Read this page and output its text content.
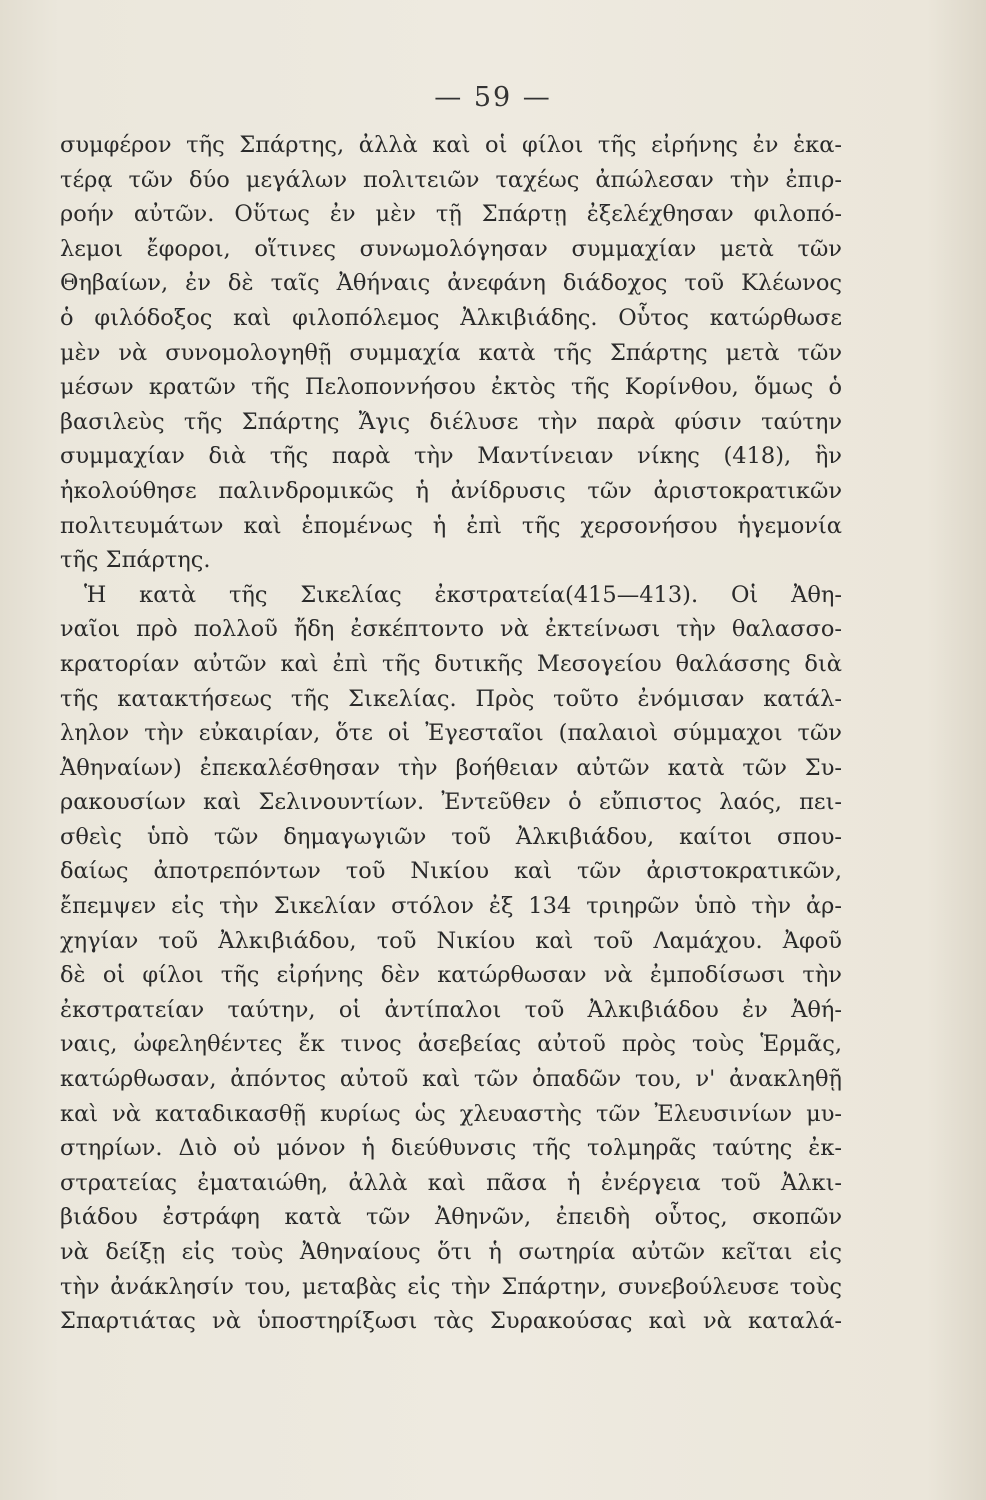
— 59 —
συμφέρον τῆς Σπάρτης, ἀλλὰ καὶ οἱ φίλοι τῆς εἰρήνης ἐν ἑκα-
τέρᾳ τῶν δύο μεγάλων πολιτειῶν ταχέως ἀπώλεσαν τὴν ἐπιρ-
ροήν αὐτῶν. Οὕτως ἐν μὲν τῇ Σπάρτῃ ἐξελέχθησαν φιλοπό-
λεμοι ἔφοροι, οἵτινες συνωμολόγησαν συμμαχίαν μετὰ τῶν
Θηβαίων, ἐν δὲ ταῖς Ἀθήναις ἀνεφάνη διάδοχος τοῦ Κλέωνος
ὁ φιλόδοξος καὶ φιλοπόλεμος Ἀλκιβιάδης. Οὗτος κατώρθωσε
μὲν νὰ συνομολογηθῇ συμμαχία κατὰ τῆς Σπάρτης μετὰ τῶν
μέσων κρατῶν τῆς Πελοποννήσου ἐκτὸς τῆς Κορίνθου, ὅμως ὁ
βασιλεὺς τῆς Σπάρτης Ἄγις διέλυσε τὴν παρὰ φύσιν ταύτην
συμμαχίαν διὰ τῆς παρὰ τὴν Μαντίνειαν νίκης (418), ἣν
ἠκολούθησε παλινδρομικῶς ἡ ἀνίδρυσις τῶν ἀριστοκρατικῶν
πολιτευμάτων καὶ ἑπομένως ἡ ἐπὶ τῆς χερσονήσου ἡγεμονία
τῆς Σπάρτης.
Ἡ κατὰ τῆς Σικελίας ἐκστρατεία(415—413). Οἱ Ἀθη-
ναῖοι πρὸ πολλοῦ ἤδη ἐσκέπτοντο νὰ ἐκτείνωσι τὴν θαλασσο-
κρατορίαν αὐτῶν καὶ ἐπὶ τῆς δυτικῆς Μεσογείου θαλάσσης διὰ
τῆς κατακτήσεως τῆς Σικελίας. Πρὸς τοῦτο ἐνόμισαν κατάλ-
ληλον τὴν εὐκαιρίαν, ὅτε οἱ Ἐγεσταῖοι (παλαιοὶ σύμμαχοι τῶν
Ἀθηναίων) ἐπεκαλέσθησαν τὴν βοήθειαν αὐτῶν κατὰ τῶν Συ-
ρακουσίων καὶ Σελινουντίων. Ἐντεῦθεν ὁ εὔπιστος λαός, πει-
σθεὶς ὑπὸ τῶν δημαγωγιῶν τοῦ Ἀλκιβιάδου, καίτοι σπου-
δαίως ἀποτρεπόντων τοῦ Νικίου καὶ τῶν ἀριστοκρατικῶν,
ἔπεμψεν εἰς τὴν Σικελίαν στόλον ἐξ 134 τριηρῶν ὑπὸ τὴν ἀρ-
χηγίαν τοῦ Ἀλκιβιάδου, τοῦ Νικίου καὶ τοῦ Λαμάχου. Ἀφοῦ
δὲ οἱ φίλοι τῆς εἰρήνης δὲν κατώρθωσαν νὰ ἐμποδίσωσι τὴν
ἐκστρατείαν ταύτην, οἱ ἀντίπαλοι τοῦ Ἀλκιβιάδου ἐν Ἀθή-
ναις, ὠφεληθέντες ἔκ τινος ἀσεβείας αὐτοῦ πρὸς τοὺς Ἑρμᾶς,
κατώρθωσαν, ἀπόντος αὐτοῦ καὶ τῶν ὀπαδῶν του, ν' ἀνακληθῇ
καὶ νὰ καταδικασθῇ κυρίως ὡς χλευαστὴς τῶν Ἐλευσινίων μυ-
στηρίων. Διὸ οὐ μόνον ἡ διεύθυνσις τῆς τολμηρᾶς ταύτης ἐκ-
στρατείας ἐματαιώθη, ἀλλὰ καὶ πᾶσα ἡ ἐνέργεια τοῦ Ἀλκι-
βιάδου ἐστράφη κατὰ τῶν Ἀθηνῶν, ἐπειδὴ οὗτος, σκοπῶν
νὰ δείξῃ εἰς τοὺς Ἀθηναίους ὅτι ἡ σωτηρία αὐτῶν κεῖται εἰς
τὴν ἀνάκλησίν του, μεταβὰς εἰς τὴν Σπάρτην, συνεβούλευσε τοὺς
Σπαρτιάτας νὰ ὑποστηρίξωσι τὰς Συρακούσας καὶ νὰ καταλά-
